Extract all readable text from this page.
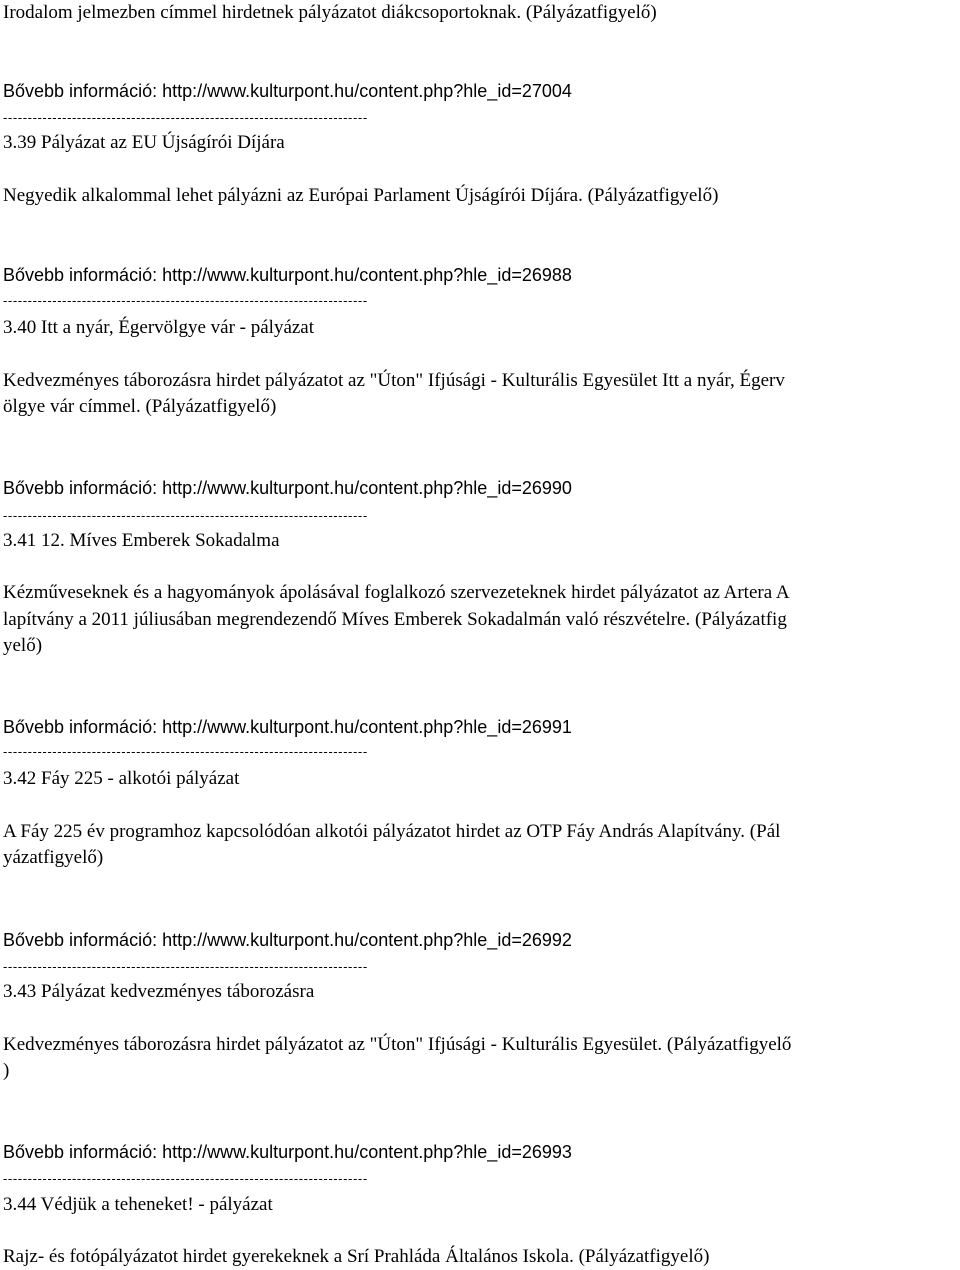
Irodalom jelmezben címmel hirdetnek pályázatot diákcsoportoknak. (Pályázatfigyelő)
Bővebb információ: http://www.kulturpont.hu/content.php?hle_id=27004
--------------------------------------------------------------------------
3.39 Pályázat az EU Újságírói Díjára
Negyedik alkalommal lehet pályázni az Európai Parlament Újságírói Díjára. (Pályázatfigyelő)
Bővebb információ: http://www.kulturpont.hu/content.php?hle_id=26988
--------------------------------------------------------------------------
3.40 Itt a nyár, Égervölgye vár - pályázat
Kedvezményes táborozásra hirdet pályázatot az "Úton" Ifjúsági - Kulturális Egyesület Itt a nyár, Égerv
ölgye vár címmel. (Pályázatfigyelő)
Bővebb információ: http://www.kulturpont.hu/content.php?hle_id=26990
--------------------------------------------------------------------------
3.41 12. Míves Emberek Sokadalma
Kézműveseknek és a hagyományok ápolásával foglalkozó szervezeteknek hirdet pályázatot az Artera A
lapítvány a 2011 júliusában megrendezendő Míves Emberek Sokadalmán való részvételre. (Pályázatfig
yelő)
Bővebb információ: http://www.kulturpont.hu/content.php?hle_id=26991
--------------------------------------------------------------------------
3.42 Fáy 225 - alkotói pályázat
A Fáy 225 év programhoz kapcsolódóan alkotói pályázatot hirdet az OTP Fáy András Alapítvány. (Pál
yázatfigyelő)
Bővebb információ: http://www.kulturpont.hu/content.php?hle_id=26992
--------------------------------------------------------------------------
3.43 Pályázat kedvezményes táborozásra
Kedvezményes táborozásra hirdet pályázatot az "Úton" Ifjúsági - Kulturális Egyesület. (Pályázatfigyelő
)
Bővebb információ: http://www.kulturpont.hu/content.php?hle_id=26993
--------------------------------------------------------------------------
3.44 Védjük a teheneket! - pályázat
Rajz- és fotópályázatot hirdet gyerekeknek a Srí Prahláda Általános Iskola. (Pályázatfigyelő)
